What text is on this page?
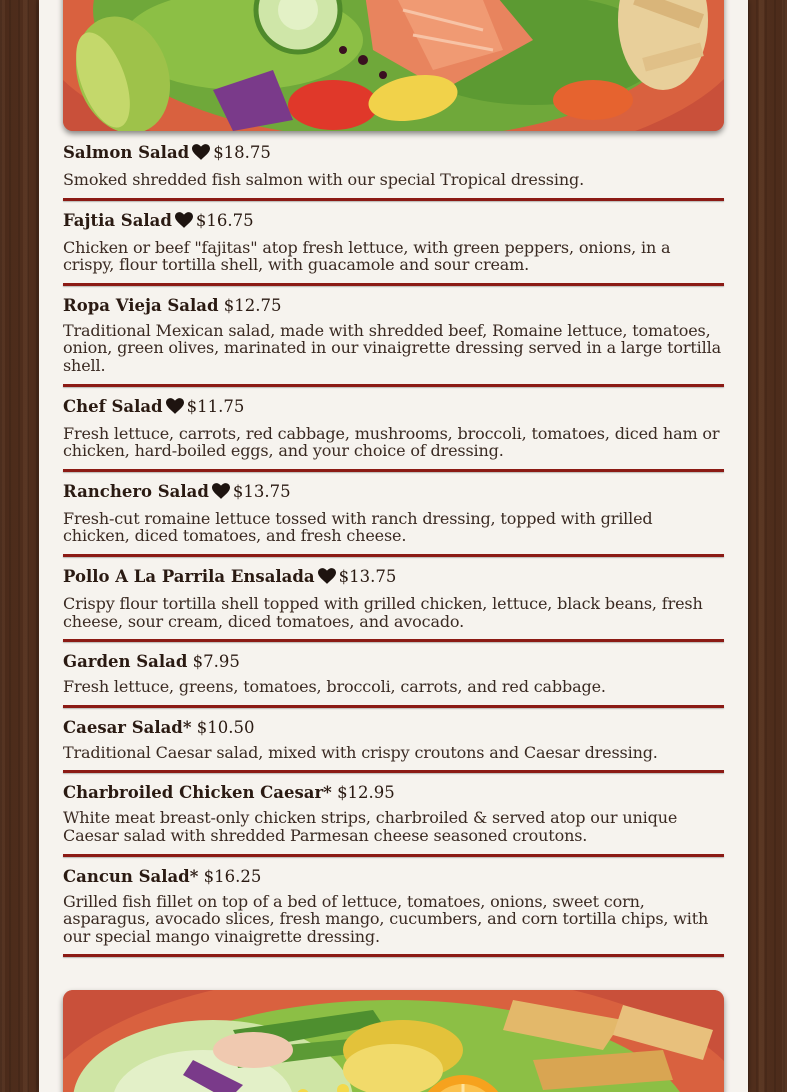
Salmon Salad $18.75

Smoked shredded fish salmon with our special Tropical dressing.

Fajtia Salad $16.75

Chicken or beef "fajitas" atop fresh lettuce, with green peppers, onions, in a crispy, flour tortilla shell, with guacamole and sour cream.

Ropa Vieja Salad $12.75

Traditional Mexican salad, made with shredded beef, Romaine lettuce, tomatoes, onion, green olives, marinated in our vinaigrette dressing served in a large tortilla shell.

Chef Salad $11.75

Fresh lettuce, carrots, red cabbage, mushrooms, broccoli, tomatoes, diced ham or chicken, hard-boiled eggs, and your choice of dressing.

Ranchero Salad $13.75

Fresh-cut romaine lettuce tossed with ranch dressing, topped with grilled chicken, diced tomatoes, and fresh cheese.

Pollo A La Parrila Ensalada $13.75

Crispy flour tortilla shell topped with grilled chicken, lettuce, black beans, fresh cheese, sour cream, diced tomatoes, and avocado.

Garden Salad $7.95

Fresh lettuce, greens, tomatoes, broccoli, carrots, and red cabbage.

Caesar Salad* $10.50

Traditional Caesar salad, mixed with crispy croutons and Caesar dressing.

Charbroiled Chicken Caesar* $12.95

White meat breast-only chicken strips, charbroiled & served atop our unique Caesar salad with shredded Parmesan cheese seasoned croutons.

Cancun Salad* $16.25

Grilled fish fillet on top of a bed of lettuce, tomatoes, onions, sweet corn, asparagus, avocado slices, fresh mango, cucumbers, and corn tortilla chips, with our special mango vinaigrette dressing.
